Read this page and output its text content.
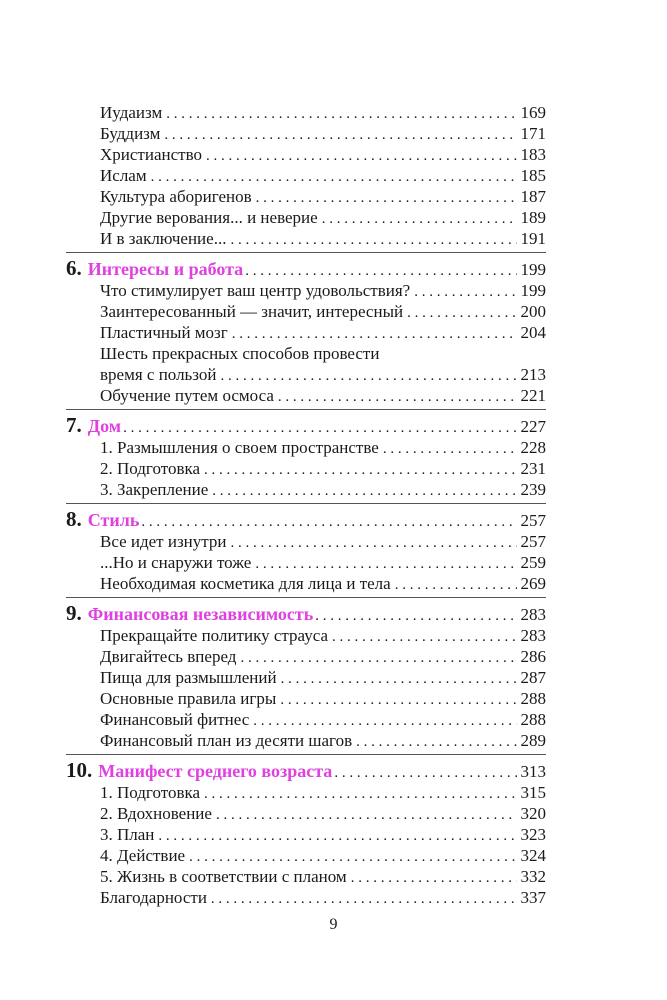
Иудаизм . . .	169
Буддизм . . .	171
Христианство . . .	183
Ислам . . .	185
Культура аборигенов . . .	187
Другие верования... и неверие . . .	189
И в заключение... . . .	191
6. Интересы и работа . . .	199
Что стимулирует ваш центр удовольствия? . . .	199
Заинтересованный — значит, интересный . . .	200
Пластичный мозг . . .	204
Шесть прекрасных способов провести
время с пользой . . .	213
Обучение путем осмоса . . .	221
7. Дом . . .	227
1. Размышления о своем пространстве . . .	228
2. Подготовка . . .	231
3. Закрепление . . .	239
8. Стиль . . .	257
Все идет изнутри . . .	257
...Но и снаружи тоже . . .	259
Необходимая косметика для лица и тела . . .	269
9. Финансовая независимость . . .	283
Прекращайте политику страуса . . .	283
Двигайтесь вперед . . .	286
Пища для размышлений . . .	287
Основные правила игры . . .	288
Финансовый фитнес . . .	288
Финансовый план из десяти шагов . . .	289
10. Манифест среднего возраста . . .	313
1. Подготовка . . .	315
2. Вдохновение . . .	320
3. План . . .	323
4. Действие . . .	324
5. Жизнь в соответствии с планом . . .	332
Благодарности . . .	337
9
